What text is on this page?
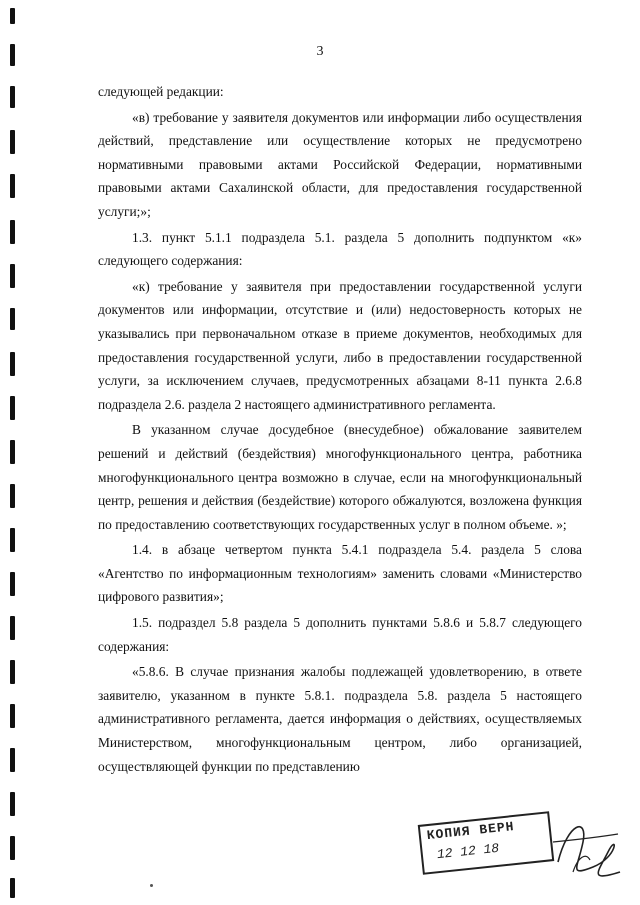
3

следующей редакции:

«в) требование у заявителя документов или информации либо осуществления действий, представление или осуществление которых не предусмотрено нормативными правовыми актами Российской Федерации, нормативными правовыми актами Сахалинской области, для предоставления государственной услуги;»;

1.3. пункт 5.1.1 подраздела 5.1. раздела 5 дополнить подпунктом «к» следующего содержания:

«к) требование у заявителя при предоставлении государственной услуги документов или информации, отсутствие и (или) недостоверность которых не указывались при первоначальном отказе в приеме документов, необходимых для предоставления государственной услуги, либо в предоставлении государственной услуги, за исключением случаев, предусмотренных абзацами 8-11 пункта 2.6.8 подраздела 2.6. раздела 2 настоящего административного регламента.

В указанном случае досудебное (внесудебное) обжалование заявителем решений и действий (бездействия) многофункционального центра, работника многофункционального центра возможно в случае, если на многофункциональный центр, решения и действия (бездействие) которого обжалуются, возложена функция по предоставлению соответствующих государственных услуг в полном объеме. »;

1.4. в абзаце четвертом пункта 5.4.1 подраздела 5.4. раздела 5 слова «Агентство по информационным технологиям» заменить словами «Министерство цифрового развития»;

1.5. подраздел 5.8 раздела 5 дополнить пунктами 5.8.6 и 5.8.7 следующего содержания:

«5.8.6. В случае признания жалобы подлежащей удовлетворению, в ответе заявителю, указанном в пункте 5.8.1. подраздела 5.8. раздела 5 настоящего административного регламента, дается информация о действиях, осуществляемых Министерством, многофункциональным центром, либо организацией, осуществляющей функции по представлению

КОПИЯ ВЕРН
12 12 18
